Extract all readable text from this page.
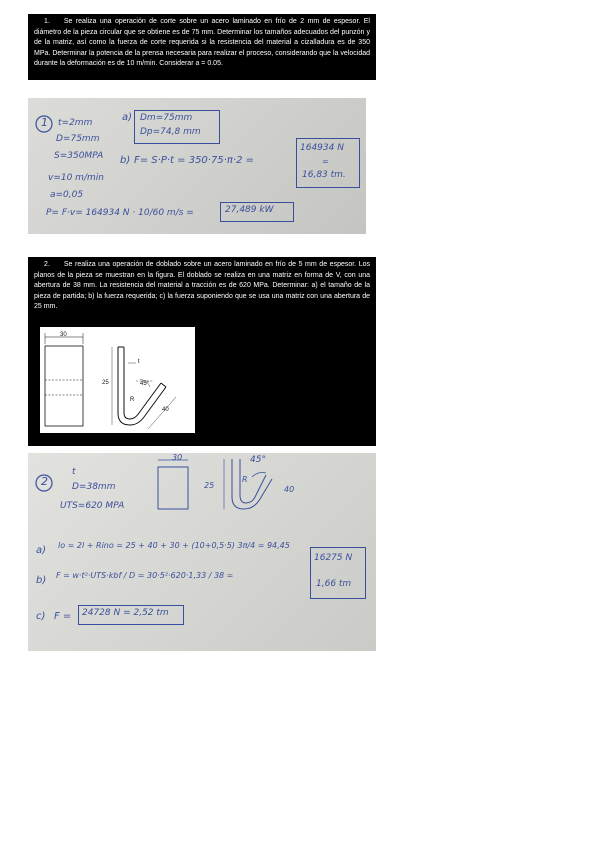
1. Se realiza una operación de corte sobre un acero laminado en frío de 2 mm de espesor. El diámetro de la pieza circular que se obtiene es de 75 mm. Determinar los tamaños adecuados del punzón y de la matriz, así como la fuerza de corte requerida si la resistencia del material a cizalladura es de 350 MPa. Determinar la potencia de la prensa necesaria para realizar el proceso, considerando que la velocidad durante la deformación es de 10 m/min. Considerar a = 0.05.
1 t=2mm
D=75mm
S=350MPA
v=10 m/min
a=0,05
a) Dm=75mm
Dp=74,8 mm
b) F= S·P·t = 350·75·π·2 =
164934 N
=
16,83 tm.
P= F·v= 164934 N · 10/60 m/s =	27,489 kW
2. Se realiza una operación de doblado sobre un acero laminado en frío de 5 mm de espesor. Los planos de la pieza se muestran en la figura. El doblado se realiza en una matriz en forma de V, con una abertura de 38 mm. La resistencia del material a tracción es de 620 MPa. Determinar: a) el tamaño de la pieza de partida; b) la fuerza requerida; c) la fuerza suponiendo que se usa una matriz con una abertura de 25 mm.
30
25
t
45°
R
40
2
t
D=38mm
UTS=620 MPA
30	45°
25
R
40
a) lo = 2l + Rino = 25 + 40 + 30 + (10+0,5·5) 3π/4 = 94,45
b) F = w·t²·UTS·kbf / D = 30·5²·620·1,33 / 38 =
16275 N
1,66 tm
c) F = 24728 N = 2,52 tm
